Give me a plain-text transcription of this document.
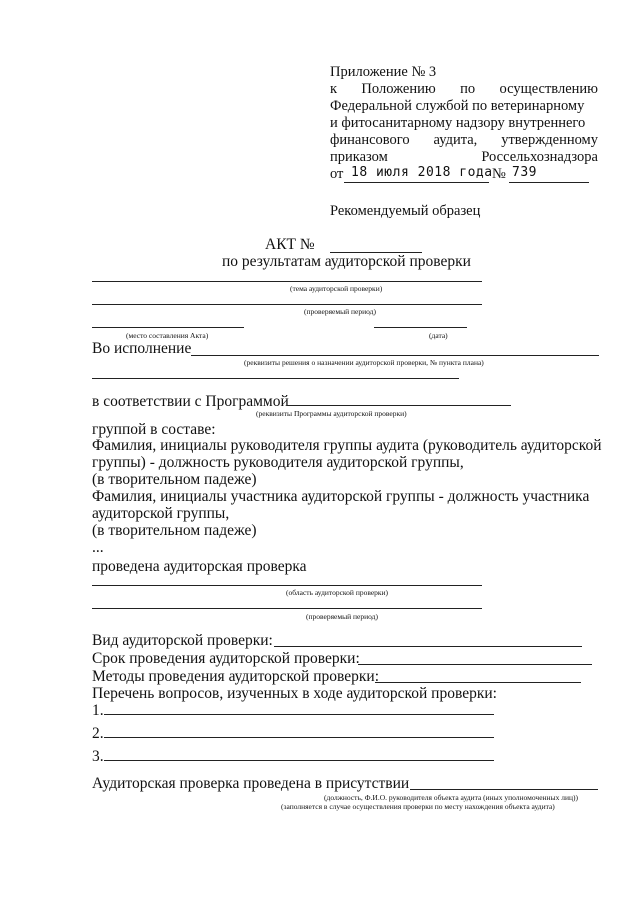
Приложение № 3
к Положению по осуществлению
Федеральной службой по ветеринарному
и фитосанитарному надзору внутреннего
финансового аудита, утвержденному
приказом	Россельхознадзора
от 18 июля 2018 года № 739
Рекомендуемый образец
АКТ №
по результатам аудиторской проверки
(тема аудиторской проверки)
(проверяемый период)
(место составления Акта)	(дата)
Во исполнение
(реквизиты решения о назначении аудиторской проверки, № пункта плана)
в соответствии с Программой
(реквизиты Программы аудиторской проверки)
группой в составе:
Фамилия, инициалы руководителя группы аудита (руководитель аудиторской
группы) - должность руководителя аудиторской группы,
(в творительном падеже)
Фамилия, инициалы участника аудиторской группы - должность участника
аудиторской группы,
(в творительном падеже)
...
проведена аудиторская проверка
(область аудиторской проверки)
(проверяемый период)
Вид аудиторской проверки:
Срок проведения аудиторской проверки:
Методы проведения аудиторской проверки:
Перечень вопросов, изученных в ходе аудиторской проверки:
1.
2.
3.
Аудиторская проверка проведена в присутствии
(должность, Ф.И.О. руководителя объекта аудита (иных уполномоченных лиц))
(заполняется в случае осуществления проверки по месту нахождения объекта аудита)
